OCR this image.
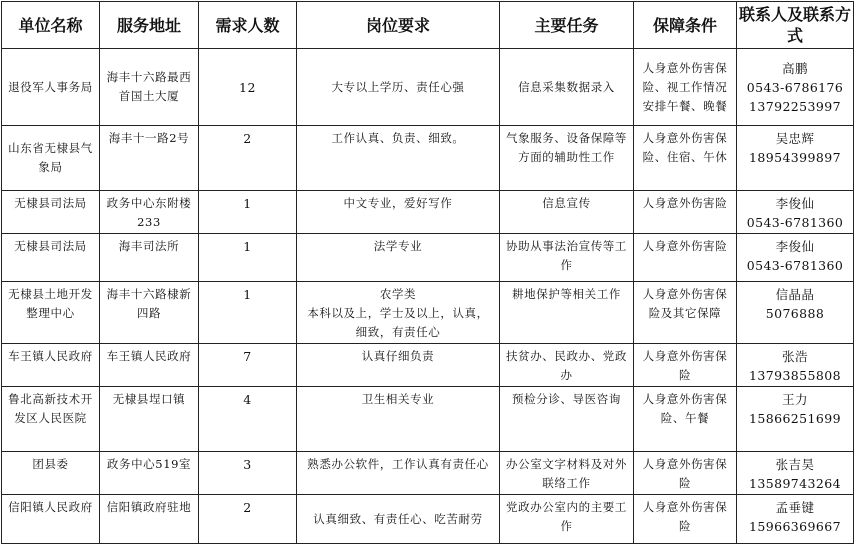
单位名称	服务地址	需求人数	岗位要求	主要任务	保障条件	联系人及联系方式
退役军人事务局	海丰十六路最西首国土大厦	12	大专以上学历、责任心强	信息采集数据录入	人身意外伤害保险、视工作情况安排午餐、晚餐	高鹏
0543-6786176
13792253997

山东省无棣县气象局	海丰十一路2号	2	工作认真、负责、细致。	气象服务、设备保障等方面的辅助性工作	人身意外伤害保险、住宿、午休	吴忠辉
18954399897

无棣县司法局	政务中心东附楼233	1	中文专业，爱好写作	信息宣传	人身意外伤害险	李俊仙
0543-6781360

无棣县司法局	海丰司法所	1	法学专业	协助从事法治宣传等工作	人身意外伤害险	李俊仙
0543-6781360

无棣县土地开发整理中心	海丰十六路棣新四路	1	农学类
本科以及上，学士及以上，认真，
细致，有责任心	耕地保护等相关工作	人身意外伤害保险及其它保障	信晶晶
5076888

车王镇人民政府	车王镇人民政府	7	认真仔细负责	扶贫办、民政办、党政办	人身意外伤害保险	张浩
13793855808

鲁北高新技术开发区人民医院	无棣县埕口镇	4	卫生相关专业	预检分诊、导医咨询	人身意外伤害保险、午餐	王力
15866251699

团县委	政务中心519室	3	熟悉办公软件，工作认真有责任心	办公室文字材料及对外联络工作	人身意外伤害保险	张吉昊
13589743264

信阳镇人民政府	信阳镇政府驻地	2	认真细致、有责任心、吃苦耐劳	党政办公室内的主要工作	人身意外伤害保险	孟垂键
15966369667
